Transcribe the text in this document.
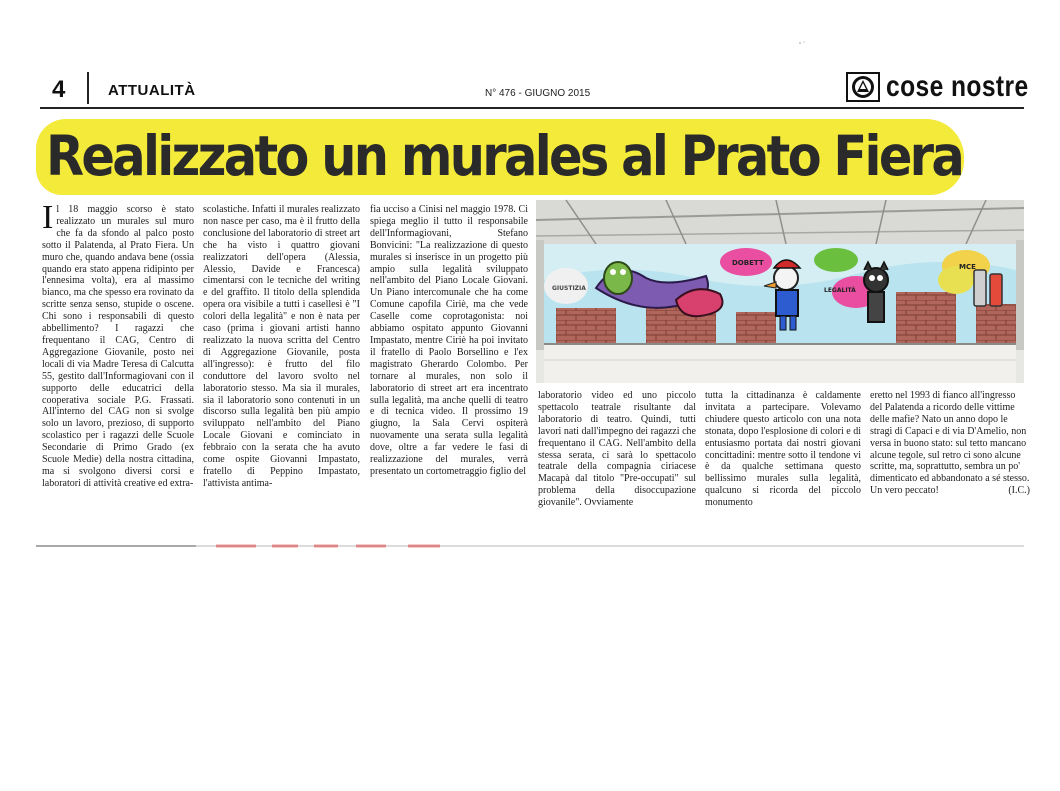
4	ATTUALITÀ	N° 476 - GIUGNO 2015	cose nostre
Realizzato un murales al Prato Fiera

Il 18 maggio scorso è stato realizzato un murales sul muro che fa da sfondo al palco posto sotto il Palatenda, al Prato Fiera. Un muro che, quando andava bene (ossia quando era stato appena ridipinto per l'ennesima volta), era al massimo bianco, ma che spesso era rovinato da scritte senza senso, stupide o oscene. Chi sono i responsabili di questo abbellimento? I ragazzi che frequentano il CAG, Centro di Aggregazione Giovanile, posto nei locali di via Madre Teresa di Calcutta 55, gestito dall'Informagiovani con il supporto delle educatrici della cooperativa sociale P.G. Frassati. All'interno del CAG non si svolge solo un lavoro, prezioso, di supporto scolastico per i ragazzi delle Scuole Secondarie di Primo Grado (ex Scuole Medie) della nostra cittadina, ma si svolgono diversi corsi e laboratori di attività creative ed extra-

scolastiche. Infatti il murales realizzato non nasce per caso, ma è il frutto della conclusione del laboratorio di street art che ha visto i quattro giovani realizzatori dell'opera (Alessia, Alessio, Davide e Francesca) cimentarsi con le tecniche del writing e del graffito. Il titolo della splendida opera ora visibile a tutti i casellesi è "I colori della legalità" e non è nata per caso (prima i giovani artisti hanno realizzato la nuova scritta del Centro di Aggregazione Giovanile, posta all'ingresso): è frutto del filo conduttore del lavoro svolto nel laboratorio stesso. Ma sia il murales, sia il laboratorio sono contenuti in un discorso sulla legalità ben più ampio sviluppato nell'ambito del Piano Locale Giovani e cominciato in febbraio con la serata che ha avuto come ospite Giovanni Impastato, fratello di Peppino Impastato, l'attivista antima-

fia ucciso a Cinisi nel maggio 1978. Ci spiega meglio il tutto il responsabile dell'Informagiovani, Stefano Bonvicini: "La realizzazione di questo murales si inserisce in un progetto più ampio sulla legalità sviluppato nell'ambito del Piano Locale Giovani. Un Piano intercomunale che ha come Comune capofila Ciriè, ma che vede Caselle come coprotagonista: noi abbiamo ospitato appunto Giovanni Impastato, mentre Ciriè ha poi invitato il fratello di Paolo Borsellino e l'ex magistrato Gherardo Colombo. Per tornare al murales, non solo il laboratorio di street art era incentrato sulla legalità, ma anche quelli di teatro e di tecnica video. Il prossimo 19 giugno, la Sala Cervi ospiterà nuovamente una serata sulla legalità dove, oltre a far vedere le fasi di realizzazione del murales, verrà presentato un cortometraggio figlio del

laboratorio video ed uno piccolo spettacolo teatrale risultante dal laboratorio di teatro. Quindi, tutti lavori nati dall'impegno dei ragazzi che frequentano il CAG. Nell'ambito della stessa serata, ci sarà lo spettacolo teatrale della compagnia ciriacese Macapà dal titolo "Pre-occupati" sul problema della disoccupazione giovanile". Ovviamente

tutta la cittadinanza è caldamente invitata a partecipare. Volevamo chiudere questo articolo con una nota stonata, dopo l'esplosione di colori e di entusiasmo portata dai nostri giovani concittadini: mentre sotto il tendone vi è da qualche settimana questo bellissimo murales sulla legalità, qualcuno si ricorda del piccolo monumento

eretto nel 1993 di fianco all'ingresso del Palatenda a ricordo delle vittime delle mafie? Nato un anno dopo le stragi di Capaci e di via D'Amelio, non versa in buono stato: sul tetto mancano alcune tegole, sul retro ci sono alcune scritte, ma, soprattutto, sembra un po' dimenticato ed abbandonato a sé stesso. Un vero peccato!	(I.C.)

DOBETT
LEGALITÀ
MCE
GIUSTIZIA
